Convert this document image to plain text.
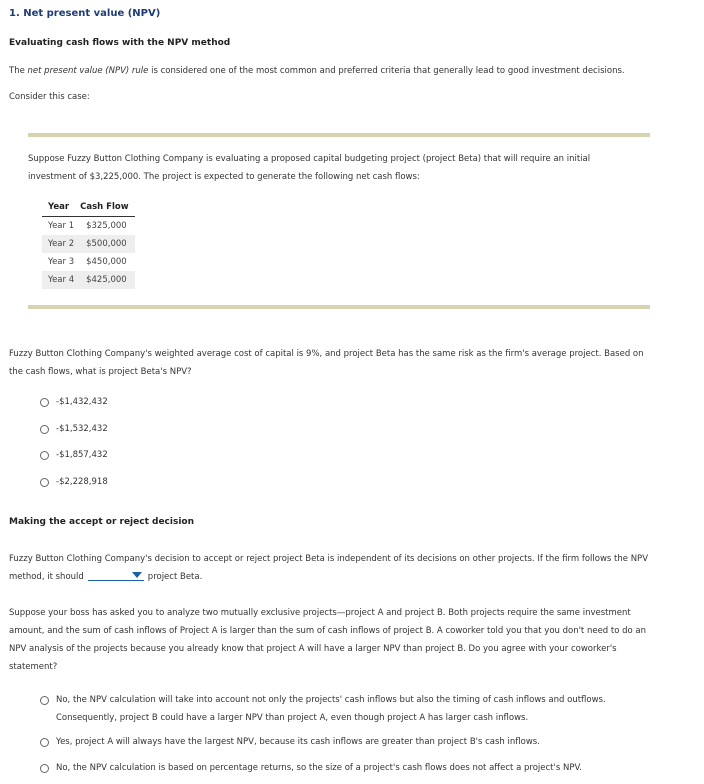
1. Net present value (NPV)
Evaluating cash flows with the NPV method
The net present value (NPV) rule is considered one of the most common and preferred criteria that generally lead to good investment decisions.
Consider this case:
Suppose Fuzzy Button Clothing Company is evaluating a proposed capital budgeting project (project Beta) that will require an initial
investment of $3,225,000. The project is expected to generate the following net cash flows:
Year	Cash Flow
Year 1	$325,000
Year 2	$500,000
Year 3	$450,000
Year 4	$425,000
Fuzzy Button Clothing Company's weighted average cost of capital is 9%, and project Beta has the same risk as the firm's average project. Based on
the cash flows, what is project Beta's NPV?
-$1,432,432
-$1,532,432
-$1,857,432
-$2,228,918
Making the accept or reject decision
Fuzzy Button Clothing Company's decision to accept or reject project Beta is independent of its decisions on other projects. If the firm follows the NPV
method, it should	project Beta.
Suppose your boss has asked you to analyze two mutually exclusive projects—project A and project B. Both projects require the same investment
amount, and the sum of cash inflows of Project A is larger than the sum of cash inflows of project B. A coworker told you that you don't need to do an
NPV analysis of the projects because you already know that project A will have a larger NPV than project B. Do you agree with your coworker's
statement?
No, the NPV calculation will take into account not only the projects' cash inflows but also the timing of cash inflows and outflows.
Consequently, project B could have a larger NPV than project A, even though project A has larger cash inflows.
Yes, project A will always have the largest NPV, because its cash inflows are greater than project B's cash inflows.
No, the NPV calculation is based on percentage returns, so the size of a project's cash flows does not affect a project's NPV.
